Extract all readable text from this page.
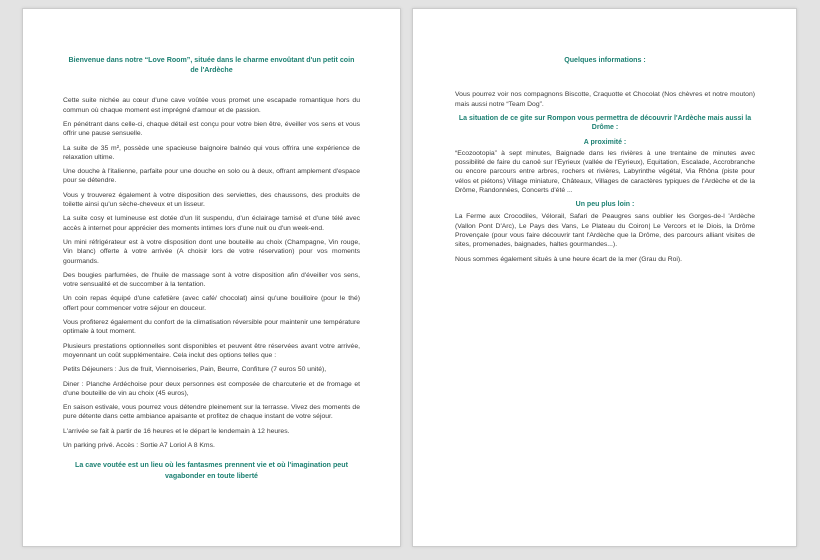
Bienvenue dans notre “Love Room”, située dans le charme envoûtant d'un petit coin de l'Ardèche

Cette suite nichée au cœur d'une cave voûtée vous promet une escapade romantique hors du commun où chaque moment est imprégné d'amour et de passion.

En pénétrant dans celle-ci, chaque détail est conçu pour votre bien être, éveiller vos sens et vous offrir une pause sensuelle.

La suite de 35 m², possède une spacieuse baignoire balnéo qui vous offrira une expérience de relaxation ultime.

Une douche à l'italienne, parfaite pour une douche en solo ou à deux, offrant amplement d'espace pour se détendre.

Vous y trouverez également à votre disposition des serviettes, des chaussons, des produits de toilette ainsi qu'un sèche-cheveux et un lisseur.

La suite cosy et lumineuse est dotée d'un lit suspendu, d'un éclairage tamisé et d'une télé avec accès à internet pour apprécier des moments intimes lors d'une nuit ou d'un week-end.

Un mini réfrigérateur est à votre disposition dont une bouteille au choix (Champagne, Vin rouge, Vin blanc) offerte à votre arrivée (A choisir lors de votre réservation) pour vos moments gourmands.

Des bougies parfumées, de l'huile de massage sont à votre disposition afin d'éveiller vos sens, votre sensualité et de succomber à la tentation.

Un coin repas équipé d'une cafetière (avec café/ chocolat) ainsi qu'une bouilloire (pour le thé) offert pour commencer votre séjour en douceur.

Vous profiterez également du confort de la climatisation réversible pour maintenir une température optimale à tout moment.

Plusieurs prestations optionnelles sont disponibles et peuvent être réservées avant votre arrivée, moyennant un coût supplémentaire. Cela inclut des options telles que :

Petits Déjeuners : Jus de fruit, Viennoiseries, Pain, Beurre, Confiture (7 euros 50 unité),

Diner : Planche Ardéchoise pour deux personnes est composée de charcuterie et de fromage et d'une bouteille de vin au choix (45 euros),

En saison estivale, vous pourrez vous détendre pleinement sur la terrasse. Vivez des moments de pure détente dans cette ambiance apaisante et profitez de chaque instant de votre séjour.

L'arrivée se fait à partir de 16 heures et le départ le lendemain à 12 heures.

Un parking privé. Accès : Sortie A7 Loriol A 8 Kms.

La cave voutée est un lieu où les fantasmes prennent vie et où l'imagination peut vagabonder en toute liberté
Quelques informations :

Vous pourrez voir nos compagnons Biscotte, Craquotte et Chocolat (Nos chèvres et notre mouton) mais aussi notre “Team Dog”.

La situation de ce gite sur Rompon vous permettra de découvrir l'Ardèche mais aussi la Drôme :
A proximité :

“Ecozootopia” à sept minutes, Baignade dans les rivières à une trentaine de minutes avec possibilité de faire du canoë sur l'Eyrieux (vallée de l'Eyrieux), Equitation, Escalade, Accrobranche ou encore parcours entre arbres, rochers et rivières, Labyrinthe végétal, Via Rhôna (piste pour vélos et piétons) Village miniature, Châteaux, Villages de caractères typiques de l'Ardèche et de la Drôme, Randonnées, Concerts d'été ...

Un peu plus loin :

La Ferme aux Crocodiles, Vélorail, Safari de Peaugres sans oublier les Gorges-de-l 'Ardèche (Vallon Pont D'Arc), Le Pays des Vans, Le Plateau du Coiron| Le Vercors et le Diois, la Drôme Provençale (pour vous faire découvrir tant l'Ardèche que la Drôme, des parcours alliant visites de sites, promenades, baignades, haltes gourmandes...).

Nous sommes également situés à une heure écart de la mer (Grau du Roi).
